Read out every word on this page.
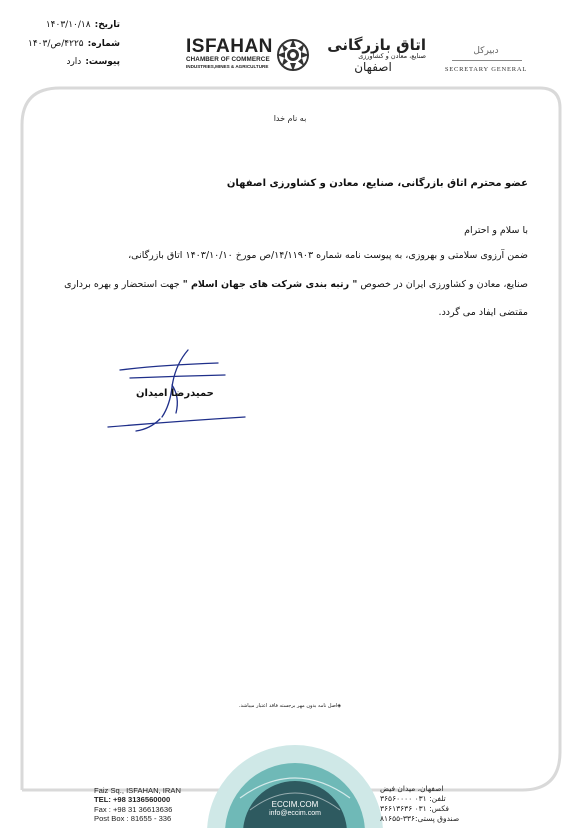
تاریخ:
۱۴۰۳/۱۰/۱۸
شماره:
۴۲۲۵/ص/۱۴۰۳
پیوست:
دارد
ISFAHAN
CHAMBER OF COMMERCE
INDUSTRIES,MINES & AGRICULTURE
اتاق بازرگانی
صنایع، معادن و کشاورزی
اصفهان
دبیرکل
SECRETARY GENERAL
به نام خدا
عضو محترم اتاق بازرگانی، صنایع، معادن و کشاورزی اصفهان
با سلام و احترام
ضمن آرزوی سلامتی و بهروزی، به پیوست نامه شماره ۱۴/۱۱۹۰۳/ص مورخ ۱۴۰۳/۱۰/۱۰ اتاق بازرگانی،
صنایع، معادن و کشاورزی ایران در خصوص " رتبه بندی شرکت های جهان اسلام " جهت استحضار و بهره برداری
مقتضی ایفاد می گردد.
حمیدرضا امیدان
◈اصل نامه بدون مهر برجسته فاقد اعتبار میباشد.
ECCIM.COM
info@eccim.com
Faiz Sq., ISFAHAN, IRAN
TEL: +98 3136560000
Fax : +98 31 36613636
Post Box : 81655 - 336
اصفهان، میدان فیض
تلفن: ۰۳۱ ۳۶۵۶۰۰۰۰
فکس: ۰۳۱ ۳۶۶۱۳۶۳۶
صندوق پستی:۳۳۶-۸۱۶۵۵
